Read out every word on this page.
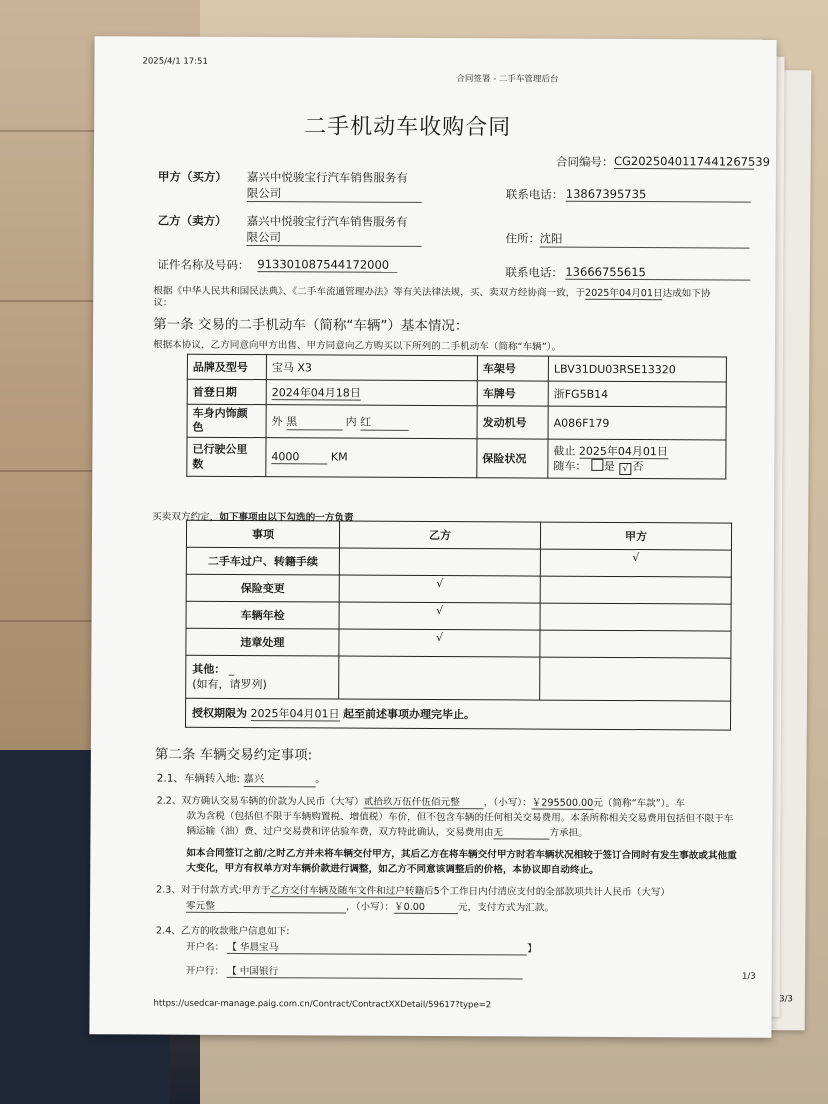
3/3
2025/4/1 17:51
合同签署 - 二手车管理后台
二手机动车收购合同
合同编号： CG2025040117441267539
甲方（买方） 嘉兴中悦骏宝行汽车销售服务有
限公司	联系电话： 13867395735
乙方（卖方） 嘉兴中悦骏宝行汽车销售服务有
限公司	住所： 沈阳
证件名称及号码： 913301087544172000
联系电话： 13666755615
根据《中华人民共和国民法典》、《二手车流通管理办法》等有关法律法规，买、卖双方经协商一致，于2025年04月01日达成如下协
议：
第一条 交易的二手机动车（简称“车辆”）基本情况：
根据本协议，乙方同意向甲方出售、甲方同意向乙方购买以下所列的二手机动车（简称“车辆”）。
品牌及型号	宝马 X3	车架号	LBV31DU03RSE13320
首登日期	2024年04月18日	车牌号	浙FG5B14
车身内饰颜
色	外 黑 内 红	发动机号	A086F179
已行驶公里
数	4000 KM	保险状况	截止 2025年04月01日
随车： 是 √ 否
买卖双方约定，如下事项由以下勾选的一方负责
事项	乙方	甲方
二手车过户、转籍手续		√
保险变更	√	
车辆年检	√	
违章处理	√	
其他： _
(如有，请罗列)		
授权期限为 2025年04月01日 起至前述事项办理完毕止。		
第二条 车辆交易约定事项:
2.1、车辆转入地: 嘉兴	。
2.2、双方确认交易车辆的价款为人民币（大写）贰拾玖万伍仟伍佰元整	，（小写）：￥295500.00元（简称“车款”）。车
款为含税（包括但不限于车辆购置税、增值税）车价，但不包含车辆的任何相关交易费用。本条所称相关交易费用包括但不限于车
辆运输（油）费、过户交易费和评估验车费，双方特此确认，交易费用由无	方承担。
如本合同签订之前/之时乙方并未将车辆交付甲方，其后乙方在将车辆交付甲方时若车辆状况相较于签订合同时有发生事故或其他重
大变化，甲方有权单方对车辆价款进行调整，如乙方不同意该调整后的价格，本协议即自动终止。
2.3、对于付款方式:甲方于乙方交付车辆及随车文件和过户转籍后5个工作日内付清应支付的全部款项共计人民币（大写）
零元整	，（小写）：￥0.00	元，支付方式为汇款。
2.4、乙方的收款账户信息如下:
开户名： 【 华晨宝马	】
开户行： 【 中国银行	1/3
https://usedcar-manage.paig.com.cn/Contract/ContractXXDetail/59617?type=2
